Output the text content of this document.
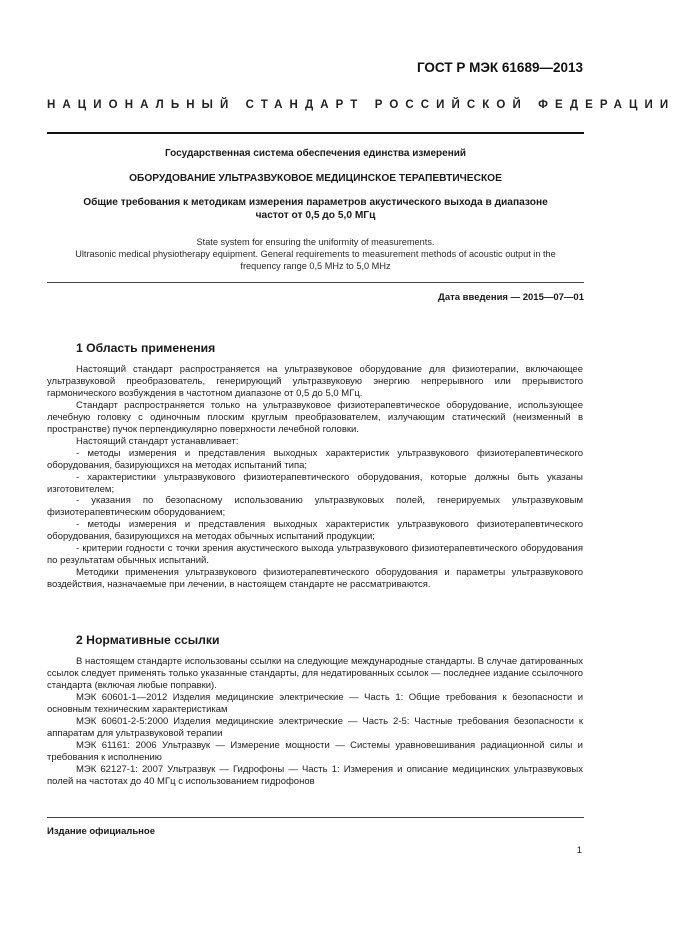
ГОСТ Р МЭК 61689—2013
НАЦИОНАЛЬНЫЙ СТАНДАРТ РОССИЙСКОЙ ФЕДЕРАЦИИ
Государственная система обеспечения единства измерений
ОБОРУДОВАНИЕ УЛЬТРАЗВУКОВОЕ МЕДИЦИНСКОЕ ТЕРАПЕВТИЧЕСКОЕ
Общие требования к методикам измерения параметров акустического выхода в диапазоне
частот от 0,5 до 5,0 МГц
State system for ensuring the uniformity of measurements.
Ultrasonic medical physiotherapy equipment. General requirements to measurement methods of acoustic output in the
frequency range 0,5 MHz to 5,0 MHz
Дата введения — 2015—07—01
1 Область применения

Настоящий стандарт распространяется на ультразвуковое оборудование для физиотерапии, включающее ультразвуковой преобразователь, генерирующий ультразвуковую энергию непрерывного или прерывистого гармонического возбуждения в частотном диапазоне от 0,5 до 5,0 МГц.

Стандарт распространяется только на ультразвуковое физиотерапевтическое оборудование, использующее лечебную головку с одиночным плоским круглым преобразователем, излучающим статический (неизменный в пространстве) пучок перпендикулярно поверхности лечебной головки.

Настоящий стандарт устанавливает:

- методы измерения и представления выходных характеристик ультразвукового физиотерапевтического оборудования, базирующихся на методах испытаний типа;

- характеристики ультразвукового физиотерапевтического оборудования, которые должны быть указаны изготовителем;

- указания по безопасному использованию ультразвуковых полей, генерируемых ультразвуковым физиотерапевтическим оборудованием;

- методы измерения и представления выходных характеристик ультразвукового физиотерапевтического оборудования, базирующихся на методах обычных испытаний продукции;

- критерии годности с точки зрения акустического выхода ультразвукового физиотерапевтического оборудования по результатам обычных испытаний.

Методики применения ультразвукового физиотерапевтического оборудования и параметры ультразвукового воздействия, назначаемые при лечении, в настоящем стандарте не рассматриваются.

2 Нормативные ссылки

В настоящем стандарте использованы ссылки на следующие международные стандарты. В случае датированных ссылок следует применять только указанные стандарты, для недатированных ссылок — последнее издание ссылочного стандарта (включая любые поправки).

МЭК 60601-1—2012 Изделия медицинские электрические — Часть 1: Общие требования к безопасности и основным техническим характеристикам

МЭК 60601-2-5:2000 Изделия медицинские электрические — Часть 2-5: Частные требования безопасности к аппаратам для ультразвуковой терапии

МЭК 61161: 2006 Ультразвук — Измерение мощности — Системы уравновешивания радиационной силы и требования к исполнению

МЭК 62127-1: 2007 Ультразвук — Гидрофоны — Часть 1: Измерения и описание медицинских ультразвуковых полей на частотах до 40 МГц с использованием гидрофонов

Издание официальное
1
